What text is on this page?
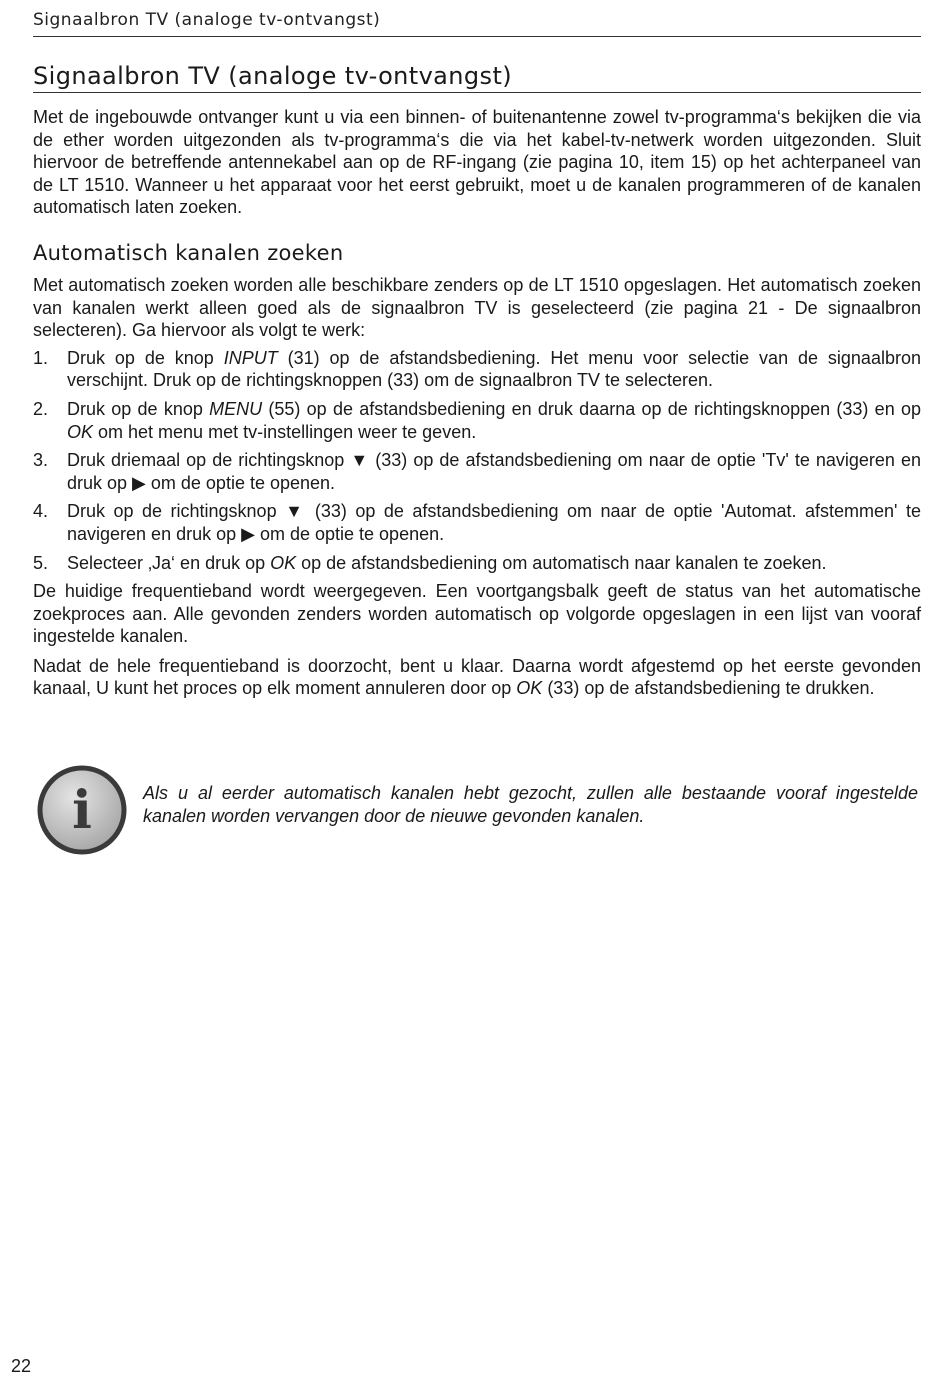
Signaalbron TV (analoge tv-ontvangst)
Signaalbron TV (analoge tv-ontvangst)

Met de ingebouwde ontvanger kunt u via een binnen- of buitenantenne zowel tv-programma‘s bekijken die via de ether worden uitgezonden als tv-programma‘s die via het kabel-tv-netwerk worden uitgezonden. Sluit hiervoor de betreffende antennekabel aan op de RF-ingang (zie pagina 10, item 15) op het achterpaneel van de LT 1510. Wanneer u het apparaat voor het eerst gebruikt, moet u de kanalen programmeren of de kanalen automatisch laten zoeken.

Automatisch kanalen zoeken

Met automatisch zoeken worden alle beschikbare zenders op de LT 1510 opgeslagen. Het automatisch zoeken van kanalen werkt alleen goed als de signaalbron TV is geselecteerd (zie pagina 21 - De signaalbron selecteren). Ga hiervoor als volgt te werk:

1. Druk op de knop INPUT (31) op de afstandsbediening. Het menu voor selectie van de signaalbron verschijnt. Druk op de richtingsknoppen (33) om de signaalbron TV te selecteren.
2. Druk op de knop MENU (55) op de afstandsbediening en druk daarna op de richtingsknoppen (33) en op OK om het menu met tv-instellingen weer te geven.
3. Druk driemaal op de richtingsknop ▼ (33) op de afstandsbediening om naar de optie 'Tv' te navigeren en druk op ▶ om de optie te openen.
4. Druk op de richtingsknop ▼ (33) op de afstandsbediening om naar de optie 'Automat. afstemmen' te navigeren en druk op ▶ om de optie te openen.
5. Selecteer ‚Ja‘ en druk op OK op de afstandsbediening om automatisch naar kanalen te zoeken.

De huidige frequentieband wordt weergegeven. Een voortgangsbalk geeft de status van het automatische zoekproces aan. Alle gevonden zenders worden automatisch op volgorde opgeslagen in een lijst van vooraf ingestelde kanalen.

Nadat de hele frequentieband is doorzocht, bent u klaar. Daarna wordt afgestemd op het eerste gevonden kanaal, U kunt het proces op elk moment annuleren door op OK (33) op de afstandsbediening te drukken.

i	Als u al eerder automatisch kanalen hebt gezocht, zullen alle bestaande vooraf ingestelde kanalen worden vervangen door de nieuwe gevonden kanalen.
22
